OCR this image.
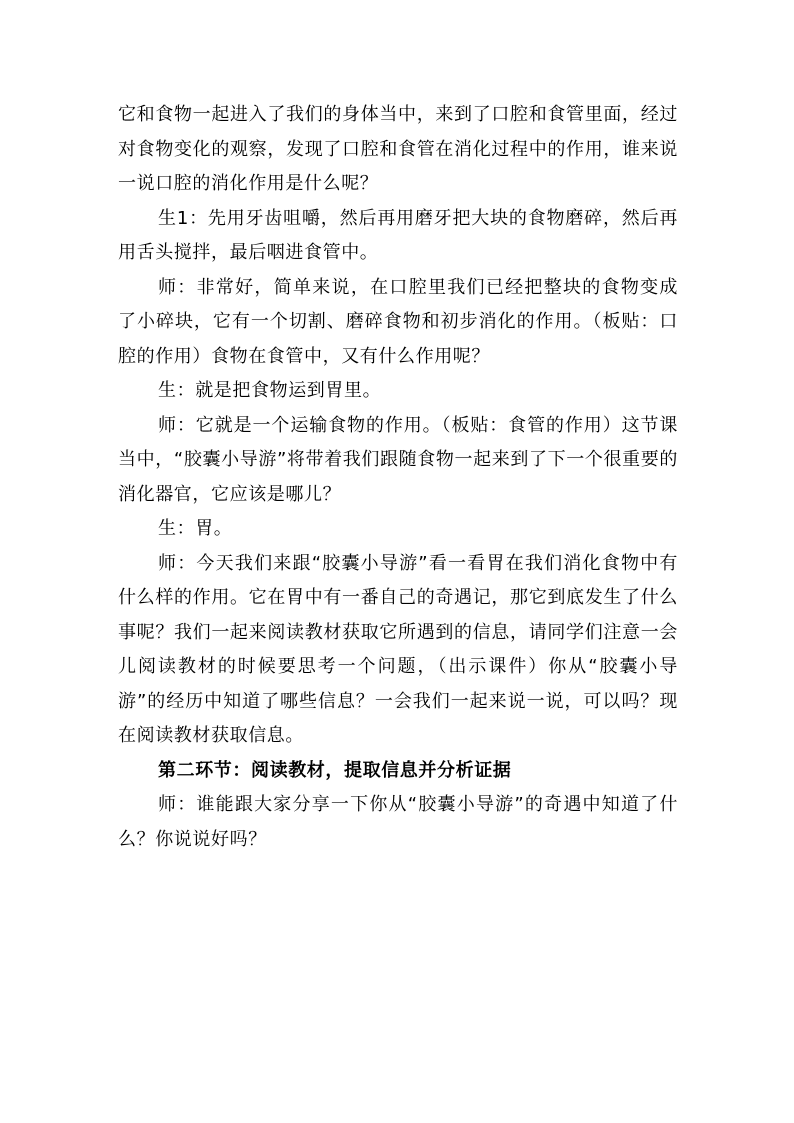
它和食物一起进入了我们的身体当中，来到了口腔和食管里面，经过对食物变化的观察，发现了口腔和食管在消化过程中的作用，谁来说一说口腔的消化作用是什么呢？

生1：先用牙齿咀嚼，然后再用磨牙把大块的食物磨碎，然后再用舌头搅拌，最后咽进食管中。

师：非常好，简单来说，在口腔里我们已经把整块的食物变成了小碎块，它有一个切割、磨碎食物和初步消化的作用。（板贴：口腔的作用）食物在食管中，又有什么作用呢？

生：就是把食物运到胃里。

师：它就是一个运输食物的作用。（板贴：食管的作用）这节课当中，“胶囊小导游”将带着我们跟随食物一起来到了下一个很重要的消化器官，它应该是哪儿？

生：胃。

师：今天我们来跟“胶囊小导游”看一看胃在我们消化食物中有什么样的作用。它在胃中有一番自己的奇遇记，那它到底发生了什么事呢？我们一起来阅读教材获取它所遇到的信息，请同学们注意一会儿阅读教材的时候要思考一个问题，（出示课件）你从“胶囊小导游”的经历中知道了哪些信息？一会我们一起来说一说，可以吗？现在阅读教材获取信息。

第二环节：阅读教材，提取信息并分析证据

师：谁能跟大家分享一下你从“胶囊小导游”的奇遇中知道了什么？你说说好吗？
